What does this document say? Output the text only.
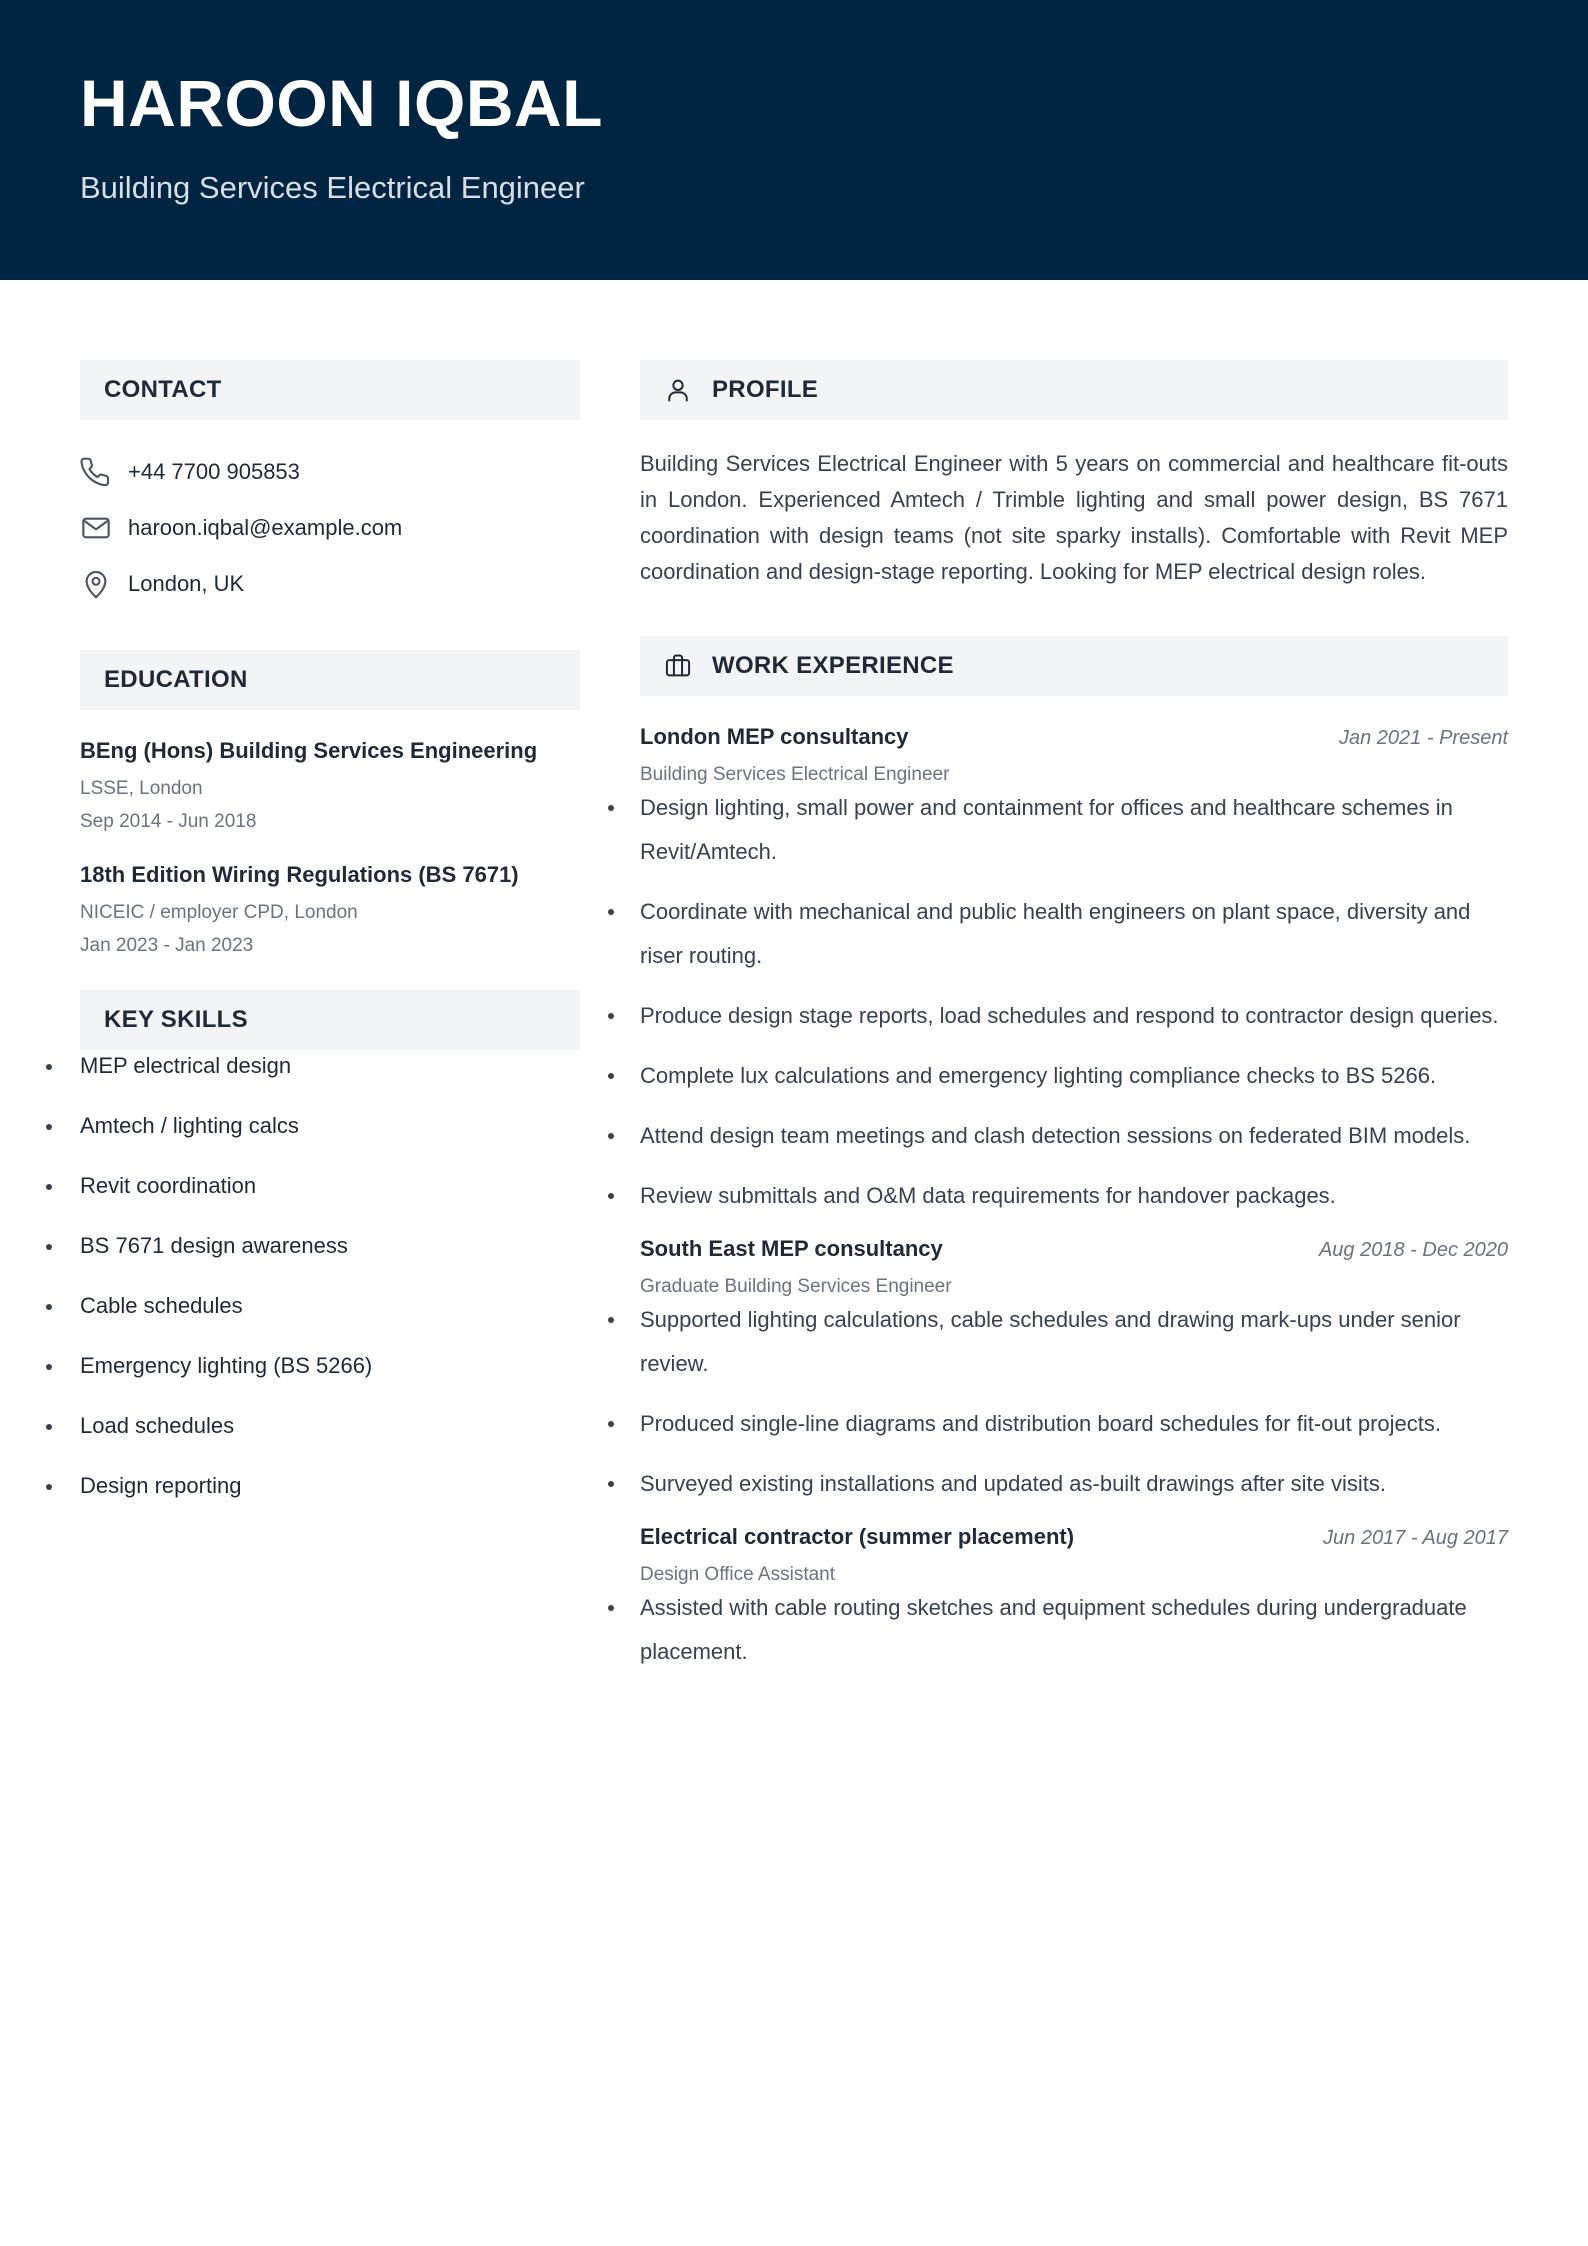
HAROON IQBAL
Building Services Electrical Engineer
CONTACT
+44 7700 905853
haroon.iqbal@example.com
London, UK
EDUCATION
BEng (Hons) Building Services Engineering
LSSE, London
Sep 2014 - Jun 2018
18th Edition Wiring Regulations (BS 7671)
NICEIC / employer CPD, London
Jan 2023 - Jan 2023
KEY SKILLS
MEP electrical design
Amtech / lighting calcs
Revit coordination
BS 7671 design awareness
Cable schedules
Emergency lighting (BS 5266)
Load schedules
Design reporting
PROFILE
Building Services Electrical Engineer with 5 years on commercial and healthcare fit-outs in London. Experienced Amtech / Trimble lighting and small power design, BS 7671 coordination with design teams (not site sparky installs). Comfortable with Revit MEP coordination and design-stage reporting. Looking for MEP electrical design roles.
WORK EXPERIENCE
London MEP consultancy	Jan 2021 - Present
Building Services Electrical Engineer
Design lighting, small power and containment for offices and healthcare schemes in Revit/Amtech.
Coordinate with mechanical and public health engineers on plant space, diversity and riser routing.
Produce design stage reports, load schedules and respond to contractor design queries.
Complete lux calculations and emergency lighting compliance checks to BS 5266.
Attend design team meetings and clash detection sessions on federated BIM models.
Review submittals and O&M data requirements for handover packages.
South East MEP consultancy	Aug 2018 - Dec 2020
Graduate Building Services Engineer
Supported lighting calculations, cable schedules and drawing mark-ups under senior review.
Produced single-line diagrams and distribution board schedules for fit-out projects.
Surveyed existing installations and updated as-built drawings after site visits.
Electrical contractor (summer placement)	Jun 2017 - Aug 2017
Design Office Assistant
Assisted with cable routing sketches and equipment schedules during undergraduate placement.
